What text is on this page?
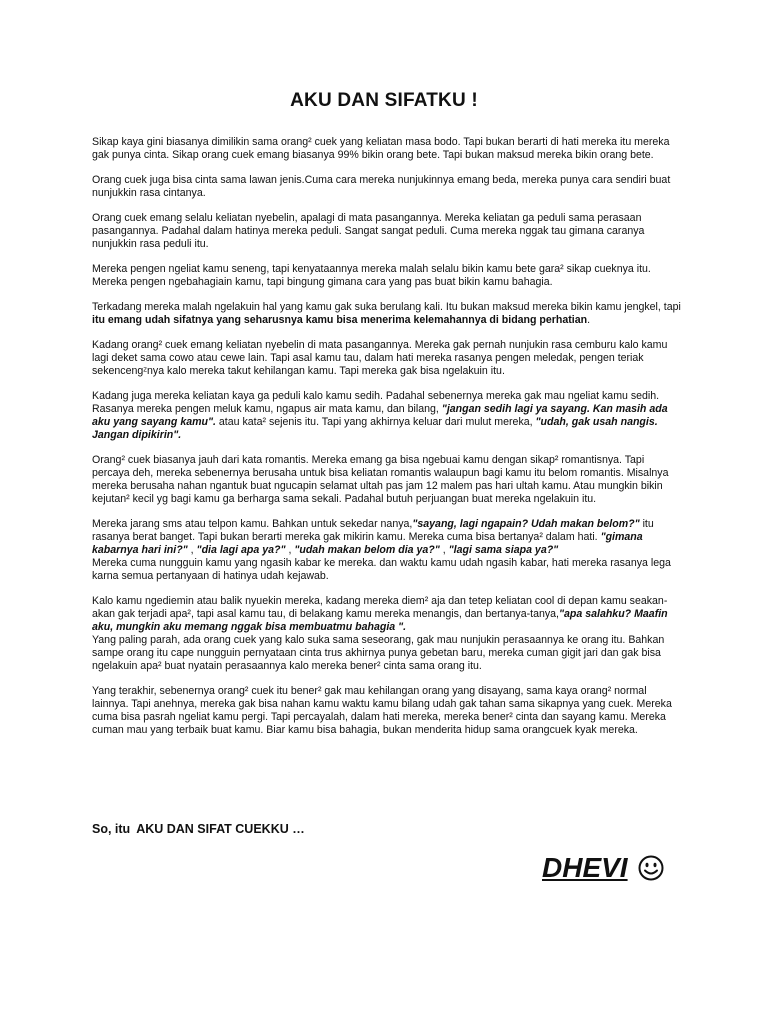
AKU DAN SIFATKU !

Sikap kaya gini biasanya dimilikin sama orang² cuek yang keliatan masa bodo. Tapi bukan berarti di hati mereka itu mereka gak punya cinta. Sikap orang cuek emang biasanya 99% bikin orang bete. Tapi bukan maksud mereka bikin orang bete.

Orang cuek juga bisa cinta sama lawan jenis.Cuma cara mereka nunjukinnya emang beda, mereka punya cara sendiri buat nunjukkin rasa cintanya.

Orang cuek emang selalu keliatan nyebelin, apalagi di mata pasangannya. Mereka keliatan ga peduli sama perasaan pasangannya. Padahal dalam hatinya mereka peduli. Sangat sangat peduli. Cuma mereka nggak tau gimana caranya nunjukkin rasa peduli itu.

Mereka pengen ngeliat kamu seneng, tapi kenyataannya mereka malah selalu bikin kamu bete gara² sikap cueknya itu. Mereka pengen ngebahagiain kamu, tapi bingung gimana cara yang pas buat bikin kamu bahagia.

Terkadang mereka malah ngelakuin hal yang kamu gak suka berulang kali. Itu bukan maksud mereka bikin kamu jengkel, tapi itu emang udah sifatnya yang seharusnya kamu bisa menerima kelemahannya di bidang perhatian.

Kadang orang² cuek emang keliatan nyebelin di mata pasangannya. Mereka gak pernah nunjukin rasa cemburu kalo kamu lagi deket sama cowo atau cewe lain. Tapi asal kamu tau, dalam hati mereka rasanya pengen meledak, pengen teriak sekencengᶻnya kalo mereka takut kehilangan kamu. Tapi mereka gak bisa ngelakuin itu.

Kadang juga mereka keliatan kaya ga peduli kalo kamu sedih. Padahal sebenernya mereka gak mau ngeliat kamu sedih. Rasanya mereka pengen meluk kamu, ngapus air mata kamu, dan bilang, "jangan sedih lagi ya sayang. Kan masih ada aku yang sayang kamu". atau kata² sejenis itu. Tapi yang akhirnya keluar dari mulut mereka, "udah, gak usah nangis. Jangan dipikirin".

Orang² cuek biasanya jauh dari kata romantis. Mereka emang ga bisa ngebuai kamu dengan sikap² romantisnya. Tapi percaya deh, mereka sebenernya berusaha untuk bisa keliatan romantis walaupun bagi kamu itu belom romantis. Misalnya mereka berusaha nahan ngantuk buat ngucapin selamat ultah pas jam 12 malem pas hari ultah kamu. Atau mungkin bikin kejutan² kecil yg bagi kamu ga berharga sama sekali. Padahal butuh perjuangan buat mereka ngelakuin itu.

Mereka jarang sms atau telpon kamu. Bahkan untuk sekedar nanya,"sayang, lagi ngapain? Udah makan belom?" itu rasanya berat banget. Tapi bukan berarti mereka gak mikirin kamu. Mereka cuma bisa bertanya² dalam hati. "gimana kabarnya hari ini?" , "dia lagi apa ya?" , "udah makan belom dia ya?" , "lagi sama siapa ya?"
Mereka cuma nungguin kamu yang ngasih kabar ke mereka. dan waktu kamu udah ngasih kabar, hati mereka rasanya lega karna semua pertanyaan di hatinya udah kejawab.

Kalo kamu ngediemin atau balik nyuekin mereka, kadang mereka diem² aja dan tetep keliatan cool di depan kamu seakan-akan gak terjadi apa², tapi asal kamu tau, di belakang kamu mereka menangis, dan bertanya-tanya,"apa salahku? Maafin aku, mungkin aku memang nggak bisa membuatmu bahagia ".
Yang paling parah, ada orang cuek yang kalo suka sama seseorang, gak mau nunjukin perasaannya ke orang itu. Bahkan sampe orang itu cape nungguin pernyataan cinta trus akhirnya punya gebetan baru, mereka cuman gigit jari dan gak bisa ngelakuin apa² buat nyatain perasaannya kalo mereka bener² cinta sama orang itu.

Yang terakhir, sebenernya orang² cuek itu bener² gak mau kehilangan orang yang disayang, sama kaya orang² normal lainnya. Tapi anehnya, mereka gak bisa nahan kamu waktu kamu bilang udah gak tahan sama sikapnya yang cuek. Mereka cuma bisa pasrah ngeliat kamu pergi. Tapi percayalah, dalam hati mereka, mereka bener² cinta dan sayang kamu. Mereka cuman mau yang terbaik buat kamu. Biar kamu bisa bahagia, bukan menderita hidup sama orangcuek kyak mereka.

So, itu AKU DAN SIFAT CUEKKU …
DHEVI
